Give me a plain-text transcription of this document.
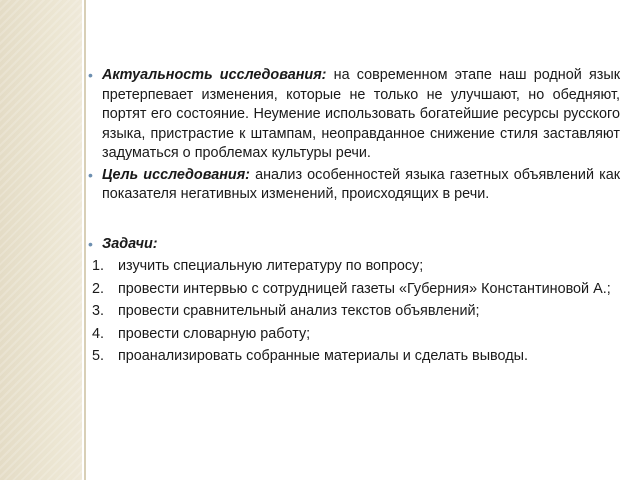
• Актуальность исследования: на современном этапе наш родной язык претерпевает изменения, которые не только не улучшают, но обедняют, портят его состояние. Неумение использовать богатейшие ресурсы русского языка, пристрастие к штампам, неоправданное снижение стиля заставляют задуматься о проблемах культуры речи.
• Цель исследования: анализ особенностей языка газетных объявлений как показателя негативных изменений, происходящих в речи.
• Задачи:
1. изучить специальную литературу по вопросу;
2. провести интервью с сотрудницей газеты «Губерния» Константиновой А.;
3. провести сравнительный анализ текстов объявлений;
4. провести словарную работу;
5. проанализировать собранные материалы и сделать выводы.
